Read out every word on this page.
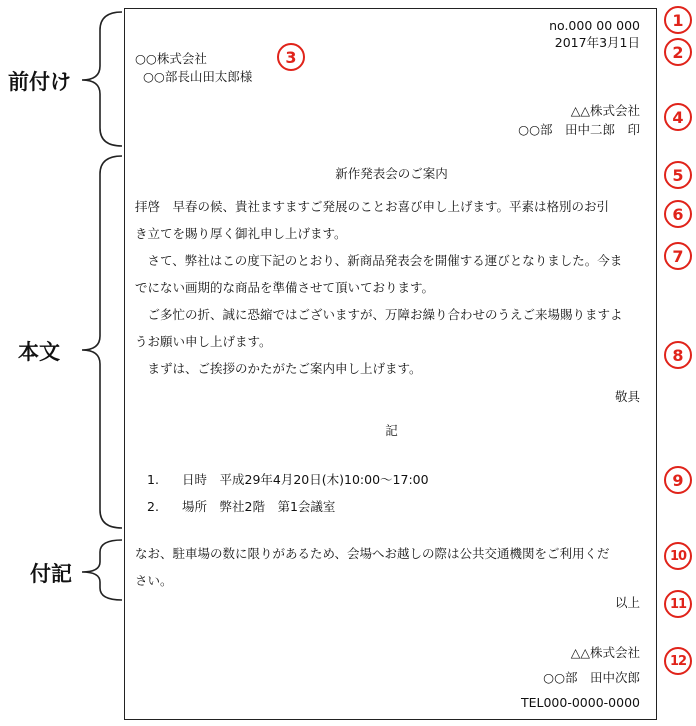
前付け
本文
付記
no.000 00 000
2017年3月1日
○○株式会社
○○部長山田太郎様
△△株式会社
○○部　田中二郎　印
新作発表会のご案内

拝啓　早春の候、貴社ますますご発展のことお喜び申し上げます。平素は格別のお引

き立てを賜り厚く御礼申し上げます。

　さて、弊社はこの度下記のとおり、新商品発表会を開催する運びとなりました。今ま

でにない画期的な商品を準備させて頂いております。

　ご多忙の折、誠に恐縮ではございますが、万障お繰り合わせのうえご来場賜りますよ

うお願い申し上げます。

　まずは、ご挨拶のかたがたご案内申し上げます。

敬具
記
1. 日時　平成29年4月20日(木)10:00～17:00
2. 場所　弊社2階　第1会議室

なお、駐車場の数に限りがあるため、会場へお越しの際は公共交通機関をご利用くだ

さい。

以上
△△株式会社
○○部　田中次郎
TEL000-0000-0000
1
2
3
4
5
6
7
8
9
10
11
12
